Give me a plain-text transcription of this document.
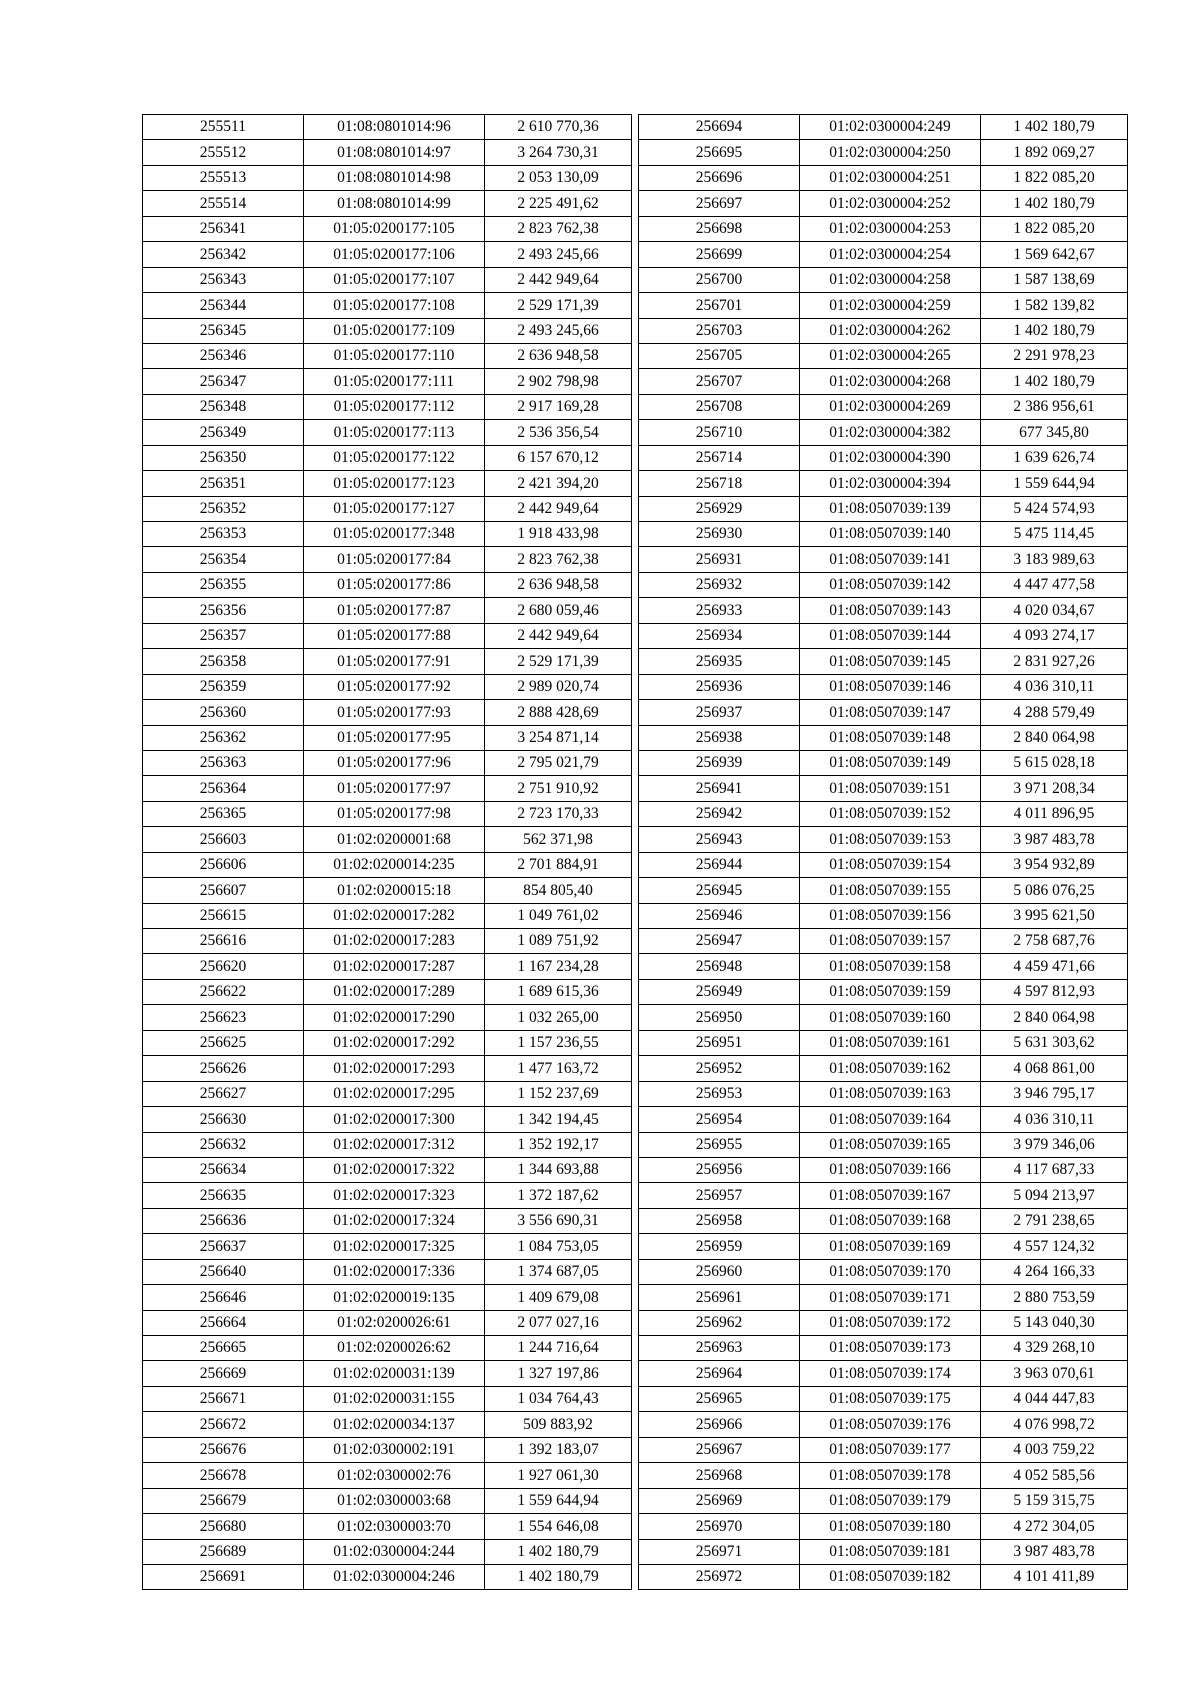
255511	01:08:0801014:96	2 610 770,36
255512	01:08:0801014:97	3 264 730,31
255513	01:08:0801014:98	2 053 130,09
255514	01:08:0801014:99	2 225 491,62
256341	01:05:0200177:105	2 823 762,38
256342	01:05:0200177:106	2 493 245,66
256343	01:05:0200177:107	2 442 949,64
256344	01:05:0200177:108	2 529 171,39
256345	01:05:0200177:109	2 493 245,66
256346	01:05:0200177:110	2 636 948,58
256347	01:05:0200177:111	2 902 798,98
256348	01:05:0200177:112	2 917 169,28
256349	01:05:0200177:113	2 536 356,54
256350	01:05:0200177:122	6 157 670,12
256351	01:05:0200177:123	2 421 394,20
256352	01:05:0200177:127	2 442 949,64
256353	01:05:0200177:348	1 918 433,98
256354	01:05:0200177:84	2 823 762,38
256355	01:05:0200177:86	2 636 948,58
256356	01:05:0200177:87	2 680 059,46
256357	01:05:0200177:88	2 442 949,64
256358	01:05:0200177:91	2 529 171,39
256359	01:05:0200177:92	2 989 020,74
256360	01:05:0200177:93	2 888 428,69
256362	01:05:0200177:95	3 254 871,14
256363	01:05:0200177:96	2 795 021,79
256364	01:05:0200177:97	2 751 910,92
256365	01:05:0200177:98	2 723 170,33
256603	01:02:0200001:68	562 371,98
256606	01:02:0200014:235	2 701 884,91
256607	01:02:0200015:18	854 805,40
256615	01:02:0200017:282	1 049 761,02
256616	01:02:0200017:283	1 089 751,92
256620	01:02:0200017:287	1 167 234,28
256622	01:02:0200017:289	1 689 615,36
256623	01:02:0200017:290	1 032 265,00
256625	01:02:0200017:292	1 157 236,55
256626	01:02:0200017:293	1 477 163,72
256627	01:02:0200017:295	1 152 237,69
256630	01:02:0200017:300	1 342 194,45
256632	01:02:0200017:312	1 352 192,17
256634	01:02:0200017:322	1 344 693,88
256635	01:02:0200017:323	1 372 187,62
256636	01:02:0200017:324	3 556 690,31
256637	01:02:0200017:325	1 084 753,05
256640	01:02:0200017:336	1 374 687,05
256646	01:02:0200019:135	1 409 679,08
256664	01:02:0200026:61	2 077 027,16
256665	01:02:0200026:62	1 244 716,64
256669	01:02:0200031:139	1 327 197,86
256671	01:02:0200031:155	1 034 764,43
256672	01:02:0200034:137	509 883,92
256676	01:02:0300002:191	1 392 183,07
256678	01:02:0300002:76	1 927 061,30
256679	01:02:0300003:68	1 559 644,94
256680	01:02:0300003:70	1 554 646,08
256689	01:02:0300004:244	1 402 180,79
256691	01:02:0300004:246	1 402 180,79
256694	01:02:0300004:249	1 402 180,79
256695	01:02:0300004:250	1 892 069,27
256696	01:02:0300004:251	1 822 085,20
256697	01:02:0300004:252	1 402 180,79
256698	01:02:0300004:253	1 822 085,20
256699	01:02:0300004:254	1 569 642,67
256700	01:02:0300004:258	1 587 138,69
256701	01:02:0300004:259	1 582 139,82
256703	01:02:0300004:262	1 402 180,79
256705	01:02:0300004:265	2 291 978,23
256707	01:02:0300004:268	1 402 180,79
256708	01:02:0300004:269	2 386 956,61
256710	01:02:0300004:382	677 345,80
256714	01:02:0300004:390	1 639 626,74
256718	01:02:0300004:394	1 559 644,94
256929	01:08:0507039:139	5 424 574,93
256930	01:08:0507039:140	5 475 114,45
256931	01:08:0507039:141	3 183 989,63
256932	01:08:0507039:142	4 447 477,58
256933	01:08:0507039:143	4 020 034,67
256934	01:08:0507039:144	4 093 274,17
256935	01:08:0507039:145	2 831 927,26
256936	01:08:0507039:146	4 036 310,11
256937	01:08:0507039:147	4 288 579,49
256938	01:08:0507039:148	2 840 064,98
256939	01:08:0507039:149	5 615 028,18
256941	01:08:0507039:151	3 971 208,34
256942	01:08:0507039:152	4 011 896,95
256943	01:08:0507039:153	3 987 483,78
256944	01:08:0507039:154	3 954 932,89
256945	01:08:0507039:155	5 086 076,25
256946	01:08:0507039:156	3 995 621,50
256947	01:08:0507039:157	2 758 687,76
256948	01:08:0507039:158	4 459 471,66
256949	01:08:0507039:159	4 597 812,93
256950	01:08:0507039:160	2 840 064,98
256951	01:08:0507039:161	5 631 303,62
256952	01:08:0507039:162	4 068 861,00
256953	01:08:0507039:163	3 946 795,17
256954	01:08:0507039:164	4 036 310,11
256955	01:08:0507039:165	3 979 346,06
256956	01:08:0507039:166	4 117 687,33
256957	01:08:0507039:167	5 094 213,97
256958	01:08:0507039:168	2 791 238,65
256959	01:08:0507039:169	4 557 124,32
256960	01:08:0507039:170	4 264 166,33
256961	01:08:0507039:171	2 880 753,59
256962	01:08:0507039:172	5 143 040,30
256963	01:08:0507039:173	4 329 268,10
256964	01:08:0507039:174	3 963 070,61
256965	01:08:0507039:175	4 044 447,83
256966	01:08:0507039:176	4 076 998,72
256967	01:08:0507039:177	4 003 759,22
256968	01:08:0507039:178	4 052 585,56
256969	01:08:0507039:179	5 159 315,75
256970	01:08:0507039:180	4 272 304,05
256971	01:08:0507039:181	3 987 483,78
256972	01:08:0507039:182	4 101 411,89
